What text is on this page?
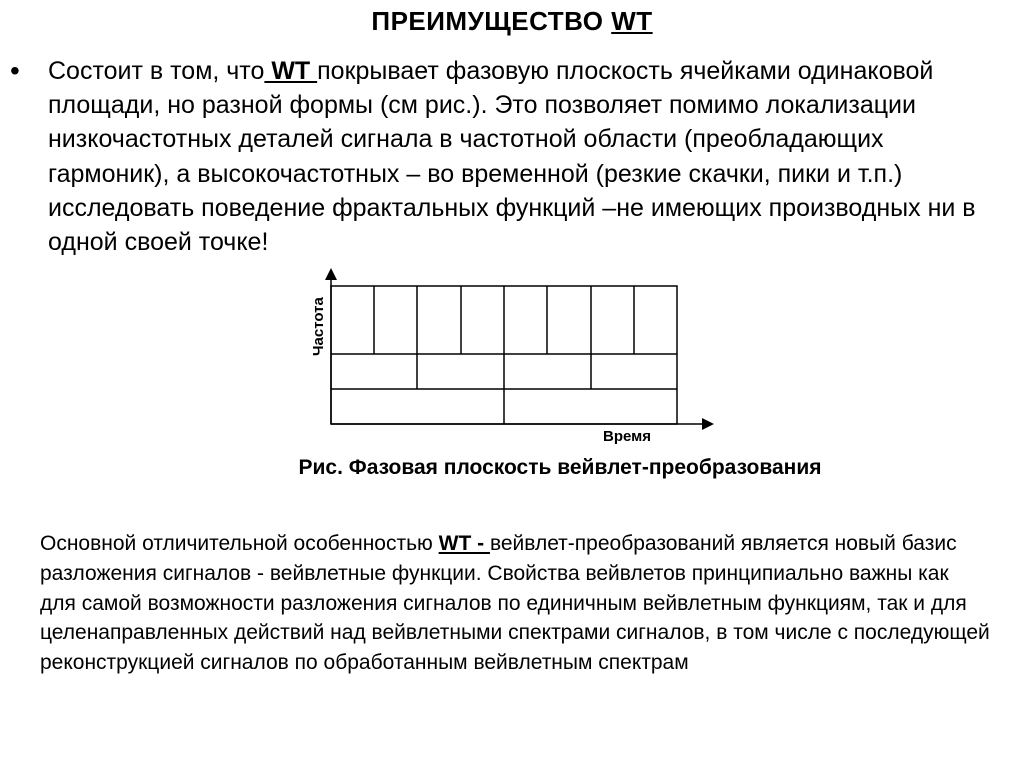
ПРЕИМУЩЕСТВО WT
• Состоит в том, что WT покрывает фазовую плоскость ячейками одинаковой площади, но разной формы (см рис.). Это позволяет помимо локализации низкочастотных деталей сигнала в частотной области (преобладающих гармоник), а высокочастотных – во временной (резкие скачки, пики и т.п.) исследовать поведение фрактальных функций –не имеющих производных ни в одной своей точке!
Частота
Время
Рис. Фазовая плоскость вейвлет-преобразования
Основной отличительной особенностью WT - вейвлет-преобразований является новый базис разложения сигналов - вейвлетные функции. Свойства вейвлетов принципиально важны как для самой возможности разложения сигналов по единичным вейвлетным функциям, так и для целенаправленных действий над вейвлетными спектрами сигналов, в том числе с последующей реконструкцией сигналов по обработанным вейвлетным спектрам
